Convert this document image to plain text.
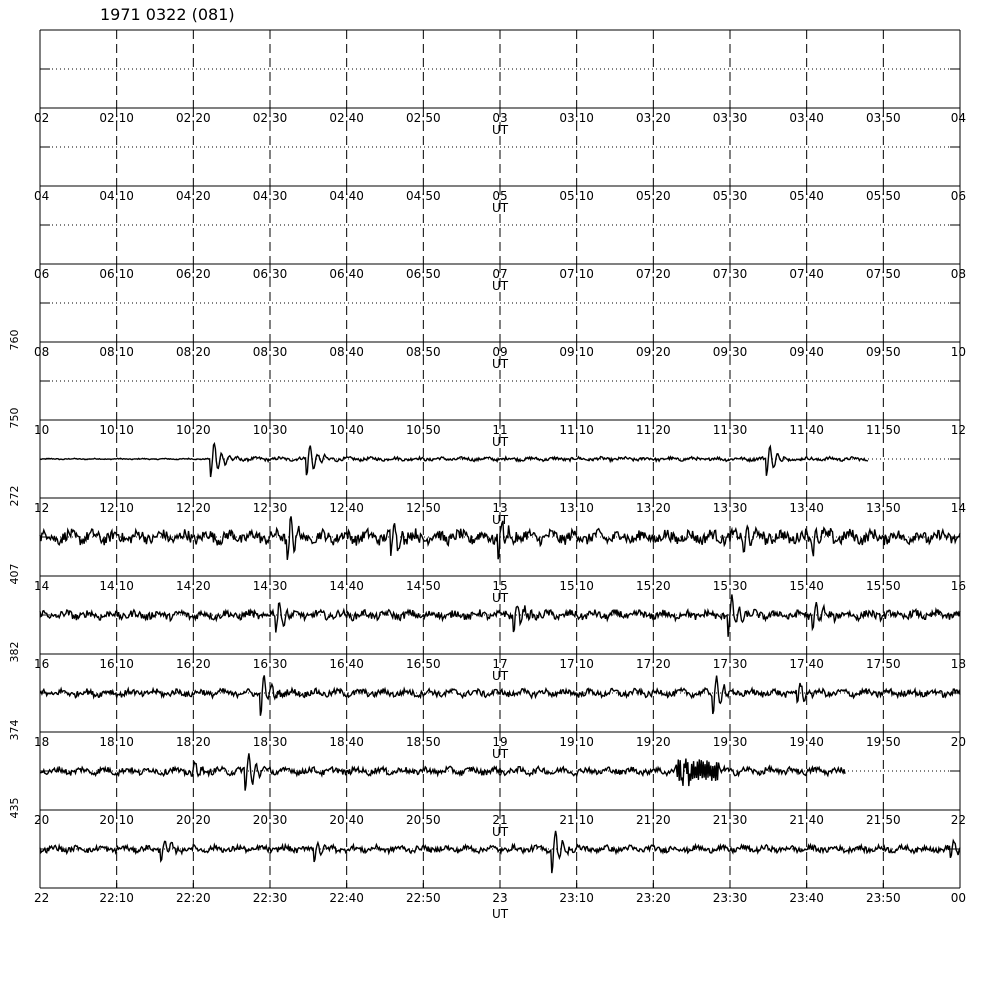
1971 0322 (081)
760
750
272
407
382
374
435
02	02:10	02:20	02:30	02:40	02:50	03	03:10	03:20	03:30	03:40	03:50	04
UT
04	04:10	04:20	04:30	04:40	04:50	05	05:10	05:20	05:30	05:40	05:50	06
UT
06	06:10	06:20	06:30	06:40	06:50	07	07:10	07:20	07:30	07:40	07:50	08
UT
08	08:10	08:20	08:30	08:40	08:50	09	09:10	09:20	09:30	09:40	09:50	10
UT
10	10:10	10:20	10:30	10:40	10:50	11	11:10	11:20	11:30	11:40	11:50	12
UT
12	12:10	12:20	12:30	12:40	12:50	13	13:10	13:20	13:30	13:40	13:50	14
UT
14	14:10	14:20	14:30	14:40	14:50	15	15:10	15:20	15:30	15:40	15:50	16
UT
16	16:10	16:20	16:30	16:40	16:50	17	17:10	17:20	17:30	17:40	17:50	18
UT
18	18:10	18:20	18:30	18:40	18:50	19	19:10	19:20	19:30	19:40	19:50	20
UT
20	20:10	20:20	20:30	20:40	20:50	21	21:10	21:20	21:30	21:40	21:50	22
UT
22	22:10	22:20	22:30	22:40	22:50	23	23:10	23:20	23:30	23:40	23:50	00
UT
